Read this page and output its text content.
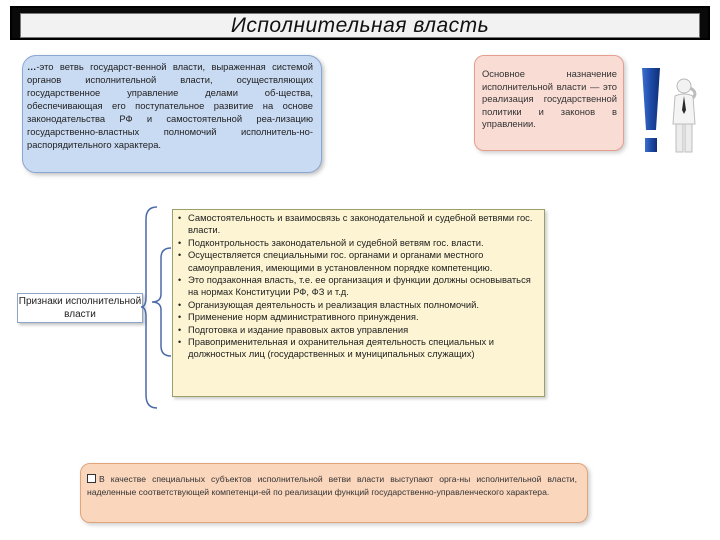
Исполнительная власть
…-это ветвь государст-венной власти, выраженная системой органов исполнительной власти, осуществляющих государственное управление делами об-щества, обеспечивающая его поступательное развитие на основе законодательства РФ и самостоятельной реа-лизацию государственно-властных полномочий исполнитель-но-распорядительного характера.
Основное назначение исполнительной власти — это реализация государственной политики и законов в управлении.
Признаки исполнительной власти
• Самостоятельность и взаимосвязь с законодательной и судебной ветвями гос. власти.
• Подконтрольность законодательной и судебной ветвям гос. власти.
• Осуществляется специальными гос. органами и органами местного самоуправления, имеющими в установленном порядке компетенцию.
• Это подзаконная власть, т.е. ее организация и функции должны основываться на нормах Конституции РФ, ФЗ и т.д.
• Организующая деятельность и реализация властных полномочий.
• Применение норм административного принуждения.
• Подготовка и издание правовых актов управления
• Правоприменительная и охранительная деятельность специальных и должностных лиц (государственных и муниципальных служащих)
В качестве специальных субъектов исполнительной ветви власти выступают орга-ны исполнительной власти, наделенные соответствующей компетенци-ей по реализации функций государственно-управленческого характера.
